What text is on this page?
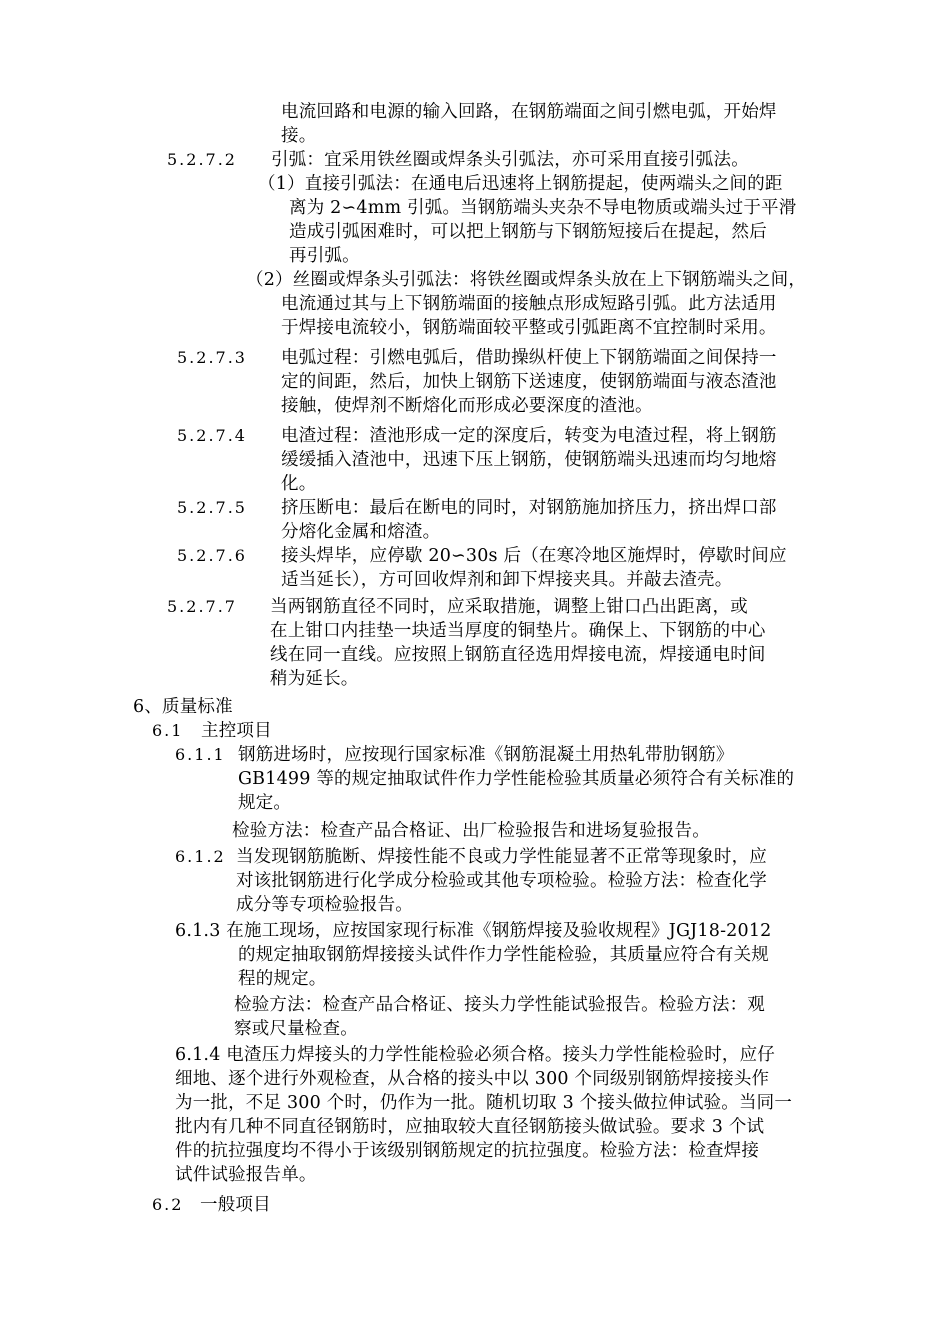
电流回路和电源的输入回路，在钢筋端面之间引燃电弧，开始焊
接。
5.2.7.2 引弧：宜采用铁丝圈或焊条头引弧法，亦可采用直接引弧法。
（1）直接引弧法：在通电后迅速将上钢筋提起，使两端头之间的距
离为 2∽4mm 引弧。当钢筋端头夹杂不导电物质或端头过于平滑
造成引弧困难时，可以把上钢筋与下钢筋短接后在提起，然后
再引弧。
（2）丝圈或焊条头引弧法：将铁丝圈或焊条头放在上下钢筋端头之间，
电流通过其与上下钢筋端面的接触点形成短路引弧。此方法适用
于焊接电流较小，钢筋端面较平整或引弧距离不宜控制时采用。
5.2.7.3 电弧过程：引燃电弧后，借助操纵杆使上下钢筋端面之间保持一
定的间距，然后，加快上钢筋下送速度，使钢筋端面与液态渣池
接触，使焊剂不断熔化而形成必要深度的渣池。
5.2.7.4 电渣过程：渣池形成一定的深度后，转变为电渣过程，将上钢筋
缓缓插入渣池中，迅速下压上钢筋，使钢筋端头迅速而均匀地熔
化。
5.2.7.5 挤压断电：最后在断电的同时，对钢筋施加挤压力，挤出焊口部
分熔化金属和熔渣。
5.2.7.6 接头焊毕，应停歇 20∽30s 后（在寒冷地区施焊时，停歇时间应
适当延长），方可回收焊剂和卸下焊接夹具。并敲去渣壳。
5.2.7.7 当两钢筋直径不同时，应采取措施，调整上钳口凸出距离，或
在上钳口内挂垫一块适当厚度的铜垫片。确保上、下钢筋的中心
线在同一直线。应按照上钢筋直径选用焊接电流，焊接通电时间
稍为延长。
6、质量标准
6.1 主控项目
6.1.1 钢筋进场时，应按现行国家标准《钢筋混凝土用热轧带肋钢筋》
GB1499 等的规定抽取试件作力学性能检验其质量必须符合有关标准的
规定。
检验方法：检查产品合格证、出厂检验报告和进场复验报告。
6.1.2 当发现钢筋脆断、焊接性能不良或力学性能显著不正常等现象时，应
对该批钢筋进行化学成分检验或其他专项检验。检验方法：检查化学
成分等专项检验报告。
6.1.3 在施工现场，应按国家现行标准《钢筋焊接及验收规程》JGJ18-2012
的规定抽取钢筋焊接接头试件作力学性能检验，其质量应符合有关规
程的规定。
检验方法：检查产品合格证、接头力学性能试验报告。检验方法：观
察或尺量检查。
6.1.4 电渣压力焊接头的力学性能检验必须合格。接头力学性能检验时，应仔
细地、逐个进行外观检查，从合格的接头中以 300 个同级别钢筋焊接接头作
为一批，不足 300 个时，仍作为一批。随机切取 3 个接头做拉伸试验。当同一
批内有几种不同直径钢筋时，应抽取较大直径钢筋接头做试验。要求 3 个试
件的抗拉强度均不得小于该级别钢筋规定的抗拉强度。检验方法：检查焊接
试件试验报告单。
6.2 一般项目
